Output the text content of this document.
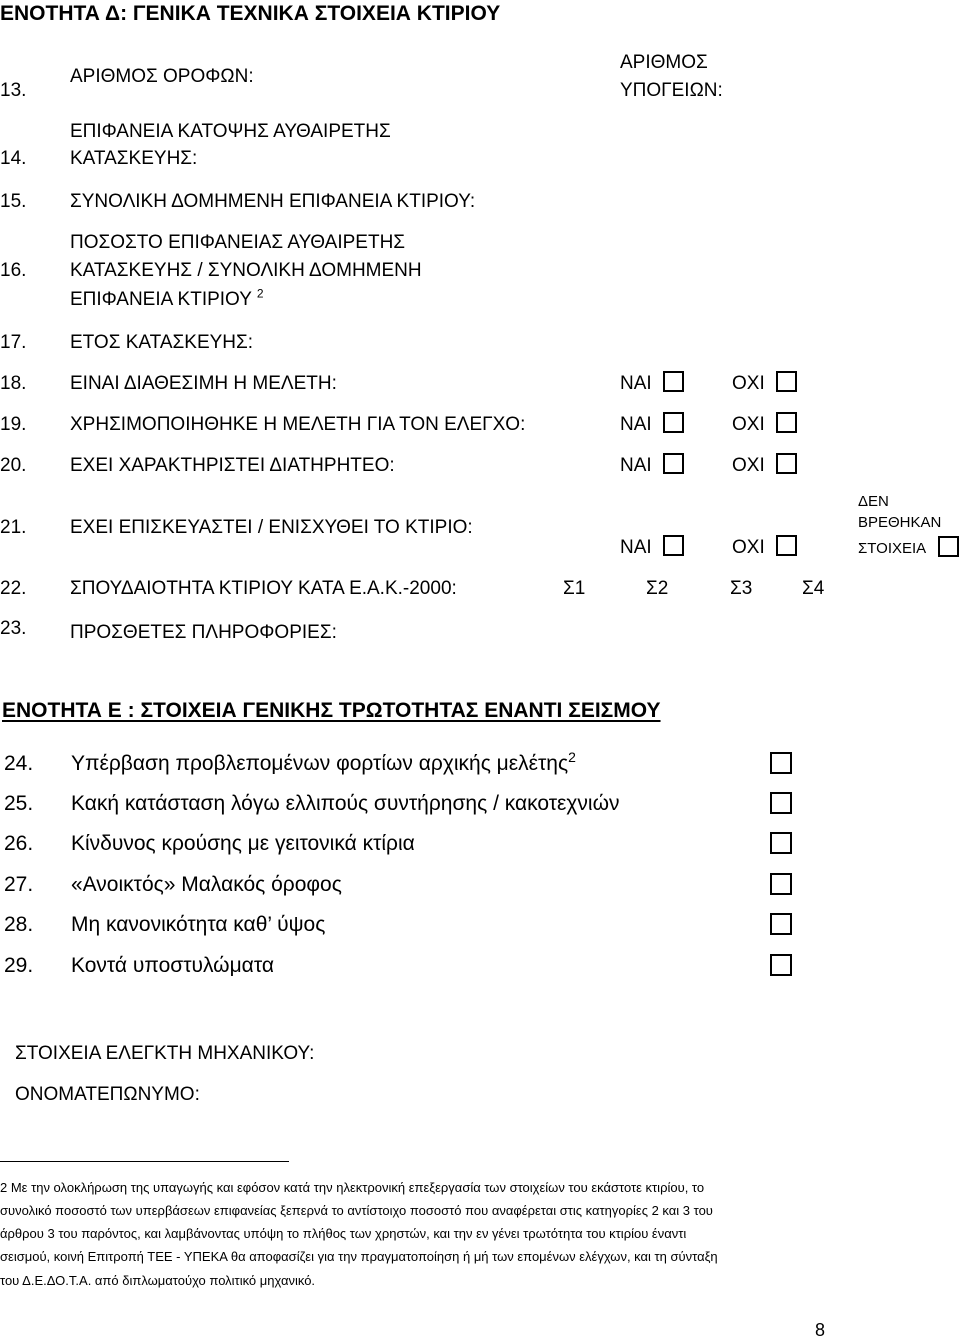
ΕΝΟΤΗΤΑ Δ: ΓΕΝΙΚΑ ΤΕΧΝΙΚΑ ΣΤΟΙΧΕΙΑ ΚΤΙΡΙΟΥ
13.
ΑΡΙΘΜΟΣ ΟΡΟΦΩΝ:
ΑΡΙΘΜΟΣ
ΥΠΟΓΕΙΩΝ:
ΕΠΙΦΑΝΕΙΑ ΚΑΤΟΨΗΣ ΑΥΘΑΙΡΕΤΗΣ
14. ΚΑΤΑΣΚΕΥΗΣ:
15. ΣΥΝΟΛΙΚΗ ΔΟΜΗΜΕΝΗ ΕΠΙΦΑΝΕΙΑ ΚΤΙΡΙΟΥ:
ΠΟΣΟΣΤΟ ΕΠΙΦΑΝΕΙΑΣ ΑΥΘΑΙΡΕΤΗΣ
16. ΚΑΤΑΣΚΕΥΗΣ / ΣΥΝΟΛΙΚΗ ΔΟΜΗΜΕΝΗ
ΕΠΙΦΑΝΕΙΑ ΚΤΙΡΙΟΥ $^2$
17. ΕΤΟΣ ΚΑΤΑΣΚΕΥΗΣ:
18. ΕΙΝΑΙ ΔΙΑΘΕΣΙΜΗ Η ΜΕΛΕΤΗ:	ΝΑΙ	ΟΧΙ
19. ΧΡΗΣΙΜΟΠΟΙΗΘΗΚΕ Η ΜΕΛΕΤΗ ΓΙΑ ΤΟΝ ΕΛΕΓΧΟ:	ΝΑΙ	ΟΧΙ
20. ΕΧΕΙ ΧΑΡΑΚΤΗΡΙΣΤΕΙ ΔΙΑΤΗΡΗΤΕΟ:	ΝΑΙ	ΟΧΙ
21. ΕΧΕΙ ΕΠΙΣΚΕΥΑΣΤΕΙ / ΕΝΙΣΧΥΘΕΙ ΤΟ ΚΤΙΡΙΟ:
ΝΑΙ	ΟΧΙ
ΔΕΝ
ΒΡΕΘΗΚΑΝ
ΣΤΟΙΧΕΙΑ
22. ΣΠΟΥΔΑΙΟΤΗΤΑ ΚΤΙΡΙΟΥ ΚΑΤΑ Ε.Α.Κ.-2000:	Σ1	Σ2	Σ3	Σ4
23. ΠΡΟΣΘΕΤΕΣ ΠΛΗΡΟΦΟΡΙΕΣ:
ΕΝΟΤΗΤΑ Ε : ΣΤΟΙΧΕΙΑ ΓΕΝΙΚΗΣ ΤΡΩΤΟΤΗΤΑΣ ΕΝΑΝΤΙ ΣΕΙΣΜΟΥ
24. Υπέρβαση προβλεπομένων φορτίων αρχικής μελέτης$^2$
25. Κακή κατάσταση λόγω ελλιπούς συντήρησης / κακοτεχνιών
26. Κίνδυνος κρούσης με γειτονικά κτίρια
27. «Ανοικτός» Μαλακός όροφος
28. Μη κανονικότητα καθ’ ύψος
29. Κοντά υποστυλώματα
ΣΤΟΙΧΕΙΑ ΕΛΕΓΚΤΗ ΜΗΧΑΝΙΚΟΥ:
ΟΝΟΜΑΤΕΠΩΝΥΜΟ:
2 Με την ολοκλήρωση της υπαγωγής και εφόσον κατά την ηλεκτρονική επεξεργασία των στοιχείων του εκάστοτε κτιρίου, το
συνολικό ποσοστό των υπερβάσεων επιφανείας ξεπερνά το αντίστοιχο ποσοστό που αναφέρεται στις κατηγορίες 2 και 3 του
άρθρου 3 του παρόντος, και λαμβάνοντας υπόψη το πλήθος των χρηστών, και την εν γένει τρωτότητα του κτιρίου έναντι
σεισμού, κοινή Επιτροπή ΤΕΕ - ΥΠΕΚΑ θα αποφασίζει για την πραγματοποίηση ή μή των επομένων ελέγχων, και τη σύνταξη
του Δ.Ε.ΔΟ.Τ.Α. από διπλωματούχο πολιτικό μηχανικό.
8
